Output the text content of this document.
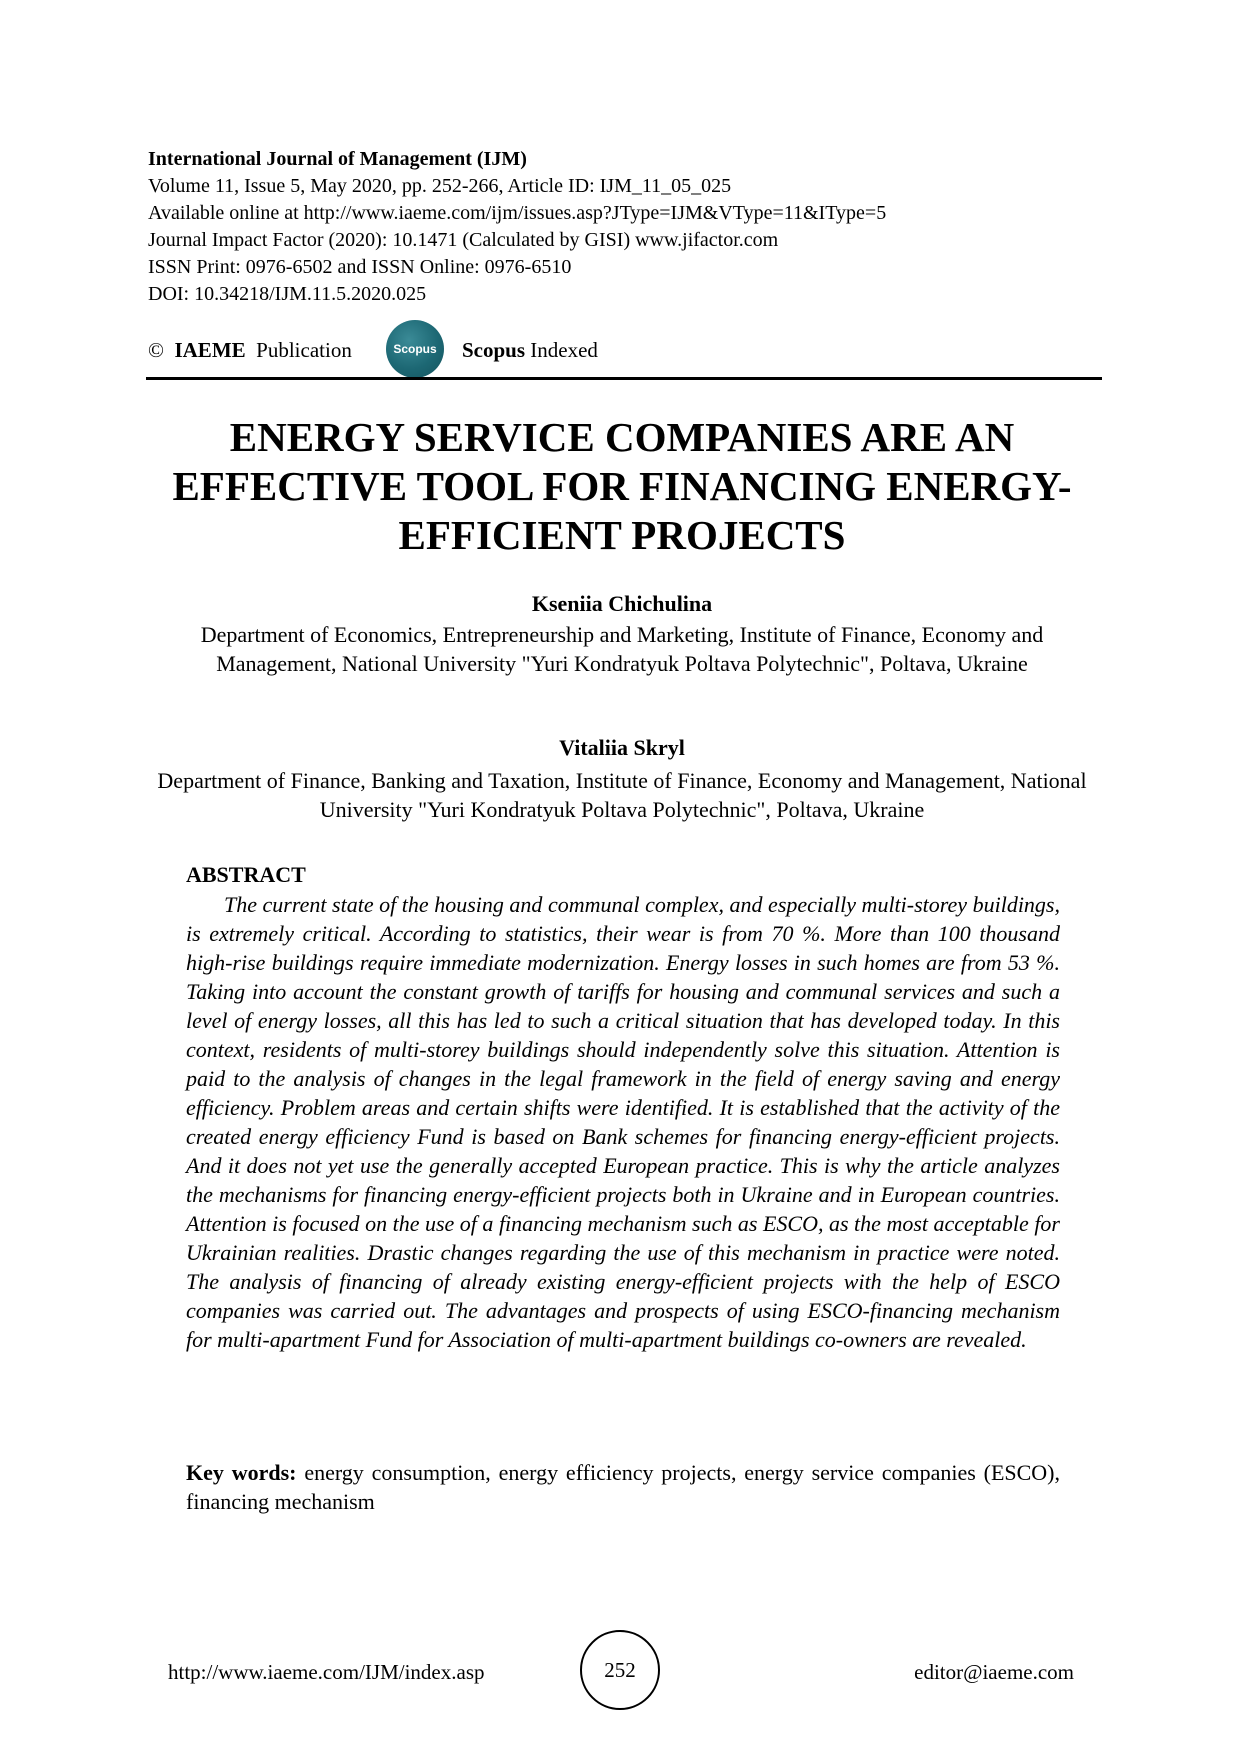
International Journal of Management (IJM)
Volume 11, Issue 5, May 2020, pp. 252-266, Article ID: IJM_11_05_025
Available online at http://www.iaeme.com/ijm/issues.asp?JType=IJM&VType=11&IType=5
Journal Impact Factor (2020): 10.1471 (Calculated by GISI) www.jifactor.com
ISSN Print: 0976-6502 and ISSN Online: 0976-6510
DOI: 10.34218/IJM.11.5.2020.025
© IAEME Publication	Scopus Scopus Indexed
ENERGY SERVICE COMPANIES ARE AN EFFECTIVE TOOL FOR FINANCING ENERGY-EFFICIENT PROJECTS
Kseniia Chichulina
Department of Economics, Entrepreneurship and Marketing, Institute of Finance, Economy and Management, National University "Yuri Kondratyuk Poltava Polytechnic", Poltava, Ukraine
Vitaliia Skryl
Department of Finance, Banking and Taxation, Institute of Finance, Economy and Management, National University "Yuri Kondratyuk Poltava Polytechnic", Poltava, Ukraine
ABSTRACT

The current state of the housing and communal complex, and especially multi-storey buildings, is extremely critical. According to statistics, their wear is from 70 %. More than 100 thousand high-rise buildings require immediate modernization. Energy losses in such homes are from 53 %. Taking into account the constant growth of tariffs for housing and communal services and such a level of energy losses, all this has led to such a critical situation that has developed today. In this context, residents of multi-storey buildings should independently solve this situation. Attention is paid to the analysis of changes in the legal framework in the field of energy saving and energy efficiency. Problem areas and certain shifts were identified. It is established that the activity of the created energy efficiency Fund is based on Bank schemes for financing energy-efficient projects. And it does not yet use the generally accepted European practice. This is why the article analyzes the mechanisms for financing energy-efficient projects both in Ukraine and in European countries. Attention is focused on the use of a financing mechanism such as ESCO, as the most acceptable for Ukrainian realities. Drastic changes regarding the use of this mechanism in practice were noted. The analysis of financing of already existing energy-efficient projects with the help of ESCO companies was carried out. The advantages and prospects of using ESCO-financing mechanism for multi-apartment Fund for Association of multi-apartment buildings co-owners are revealed.

Key words: energy consumption, energy efficiency projects, energy service companies (ESCO), financing mechanism

http://www.iaeme.com/IJM/index.asp	252	editor@iaeme.com
